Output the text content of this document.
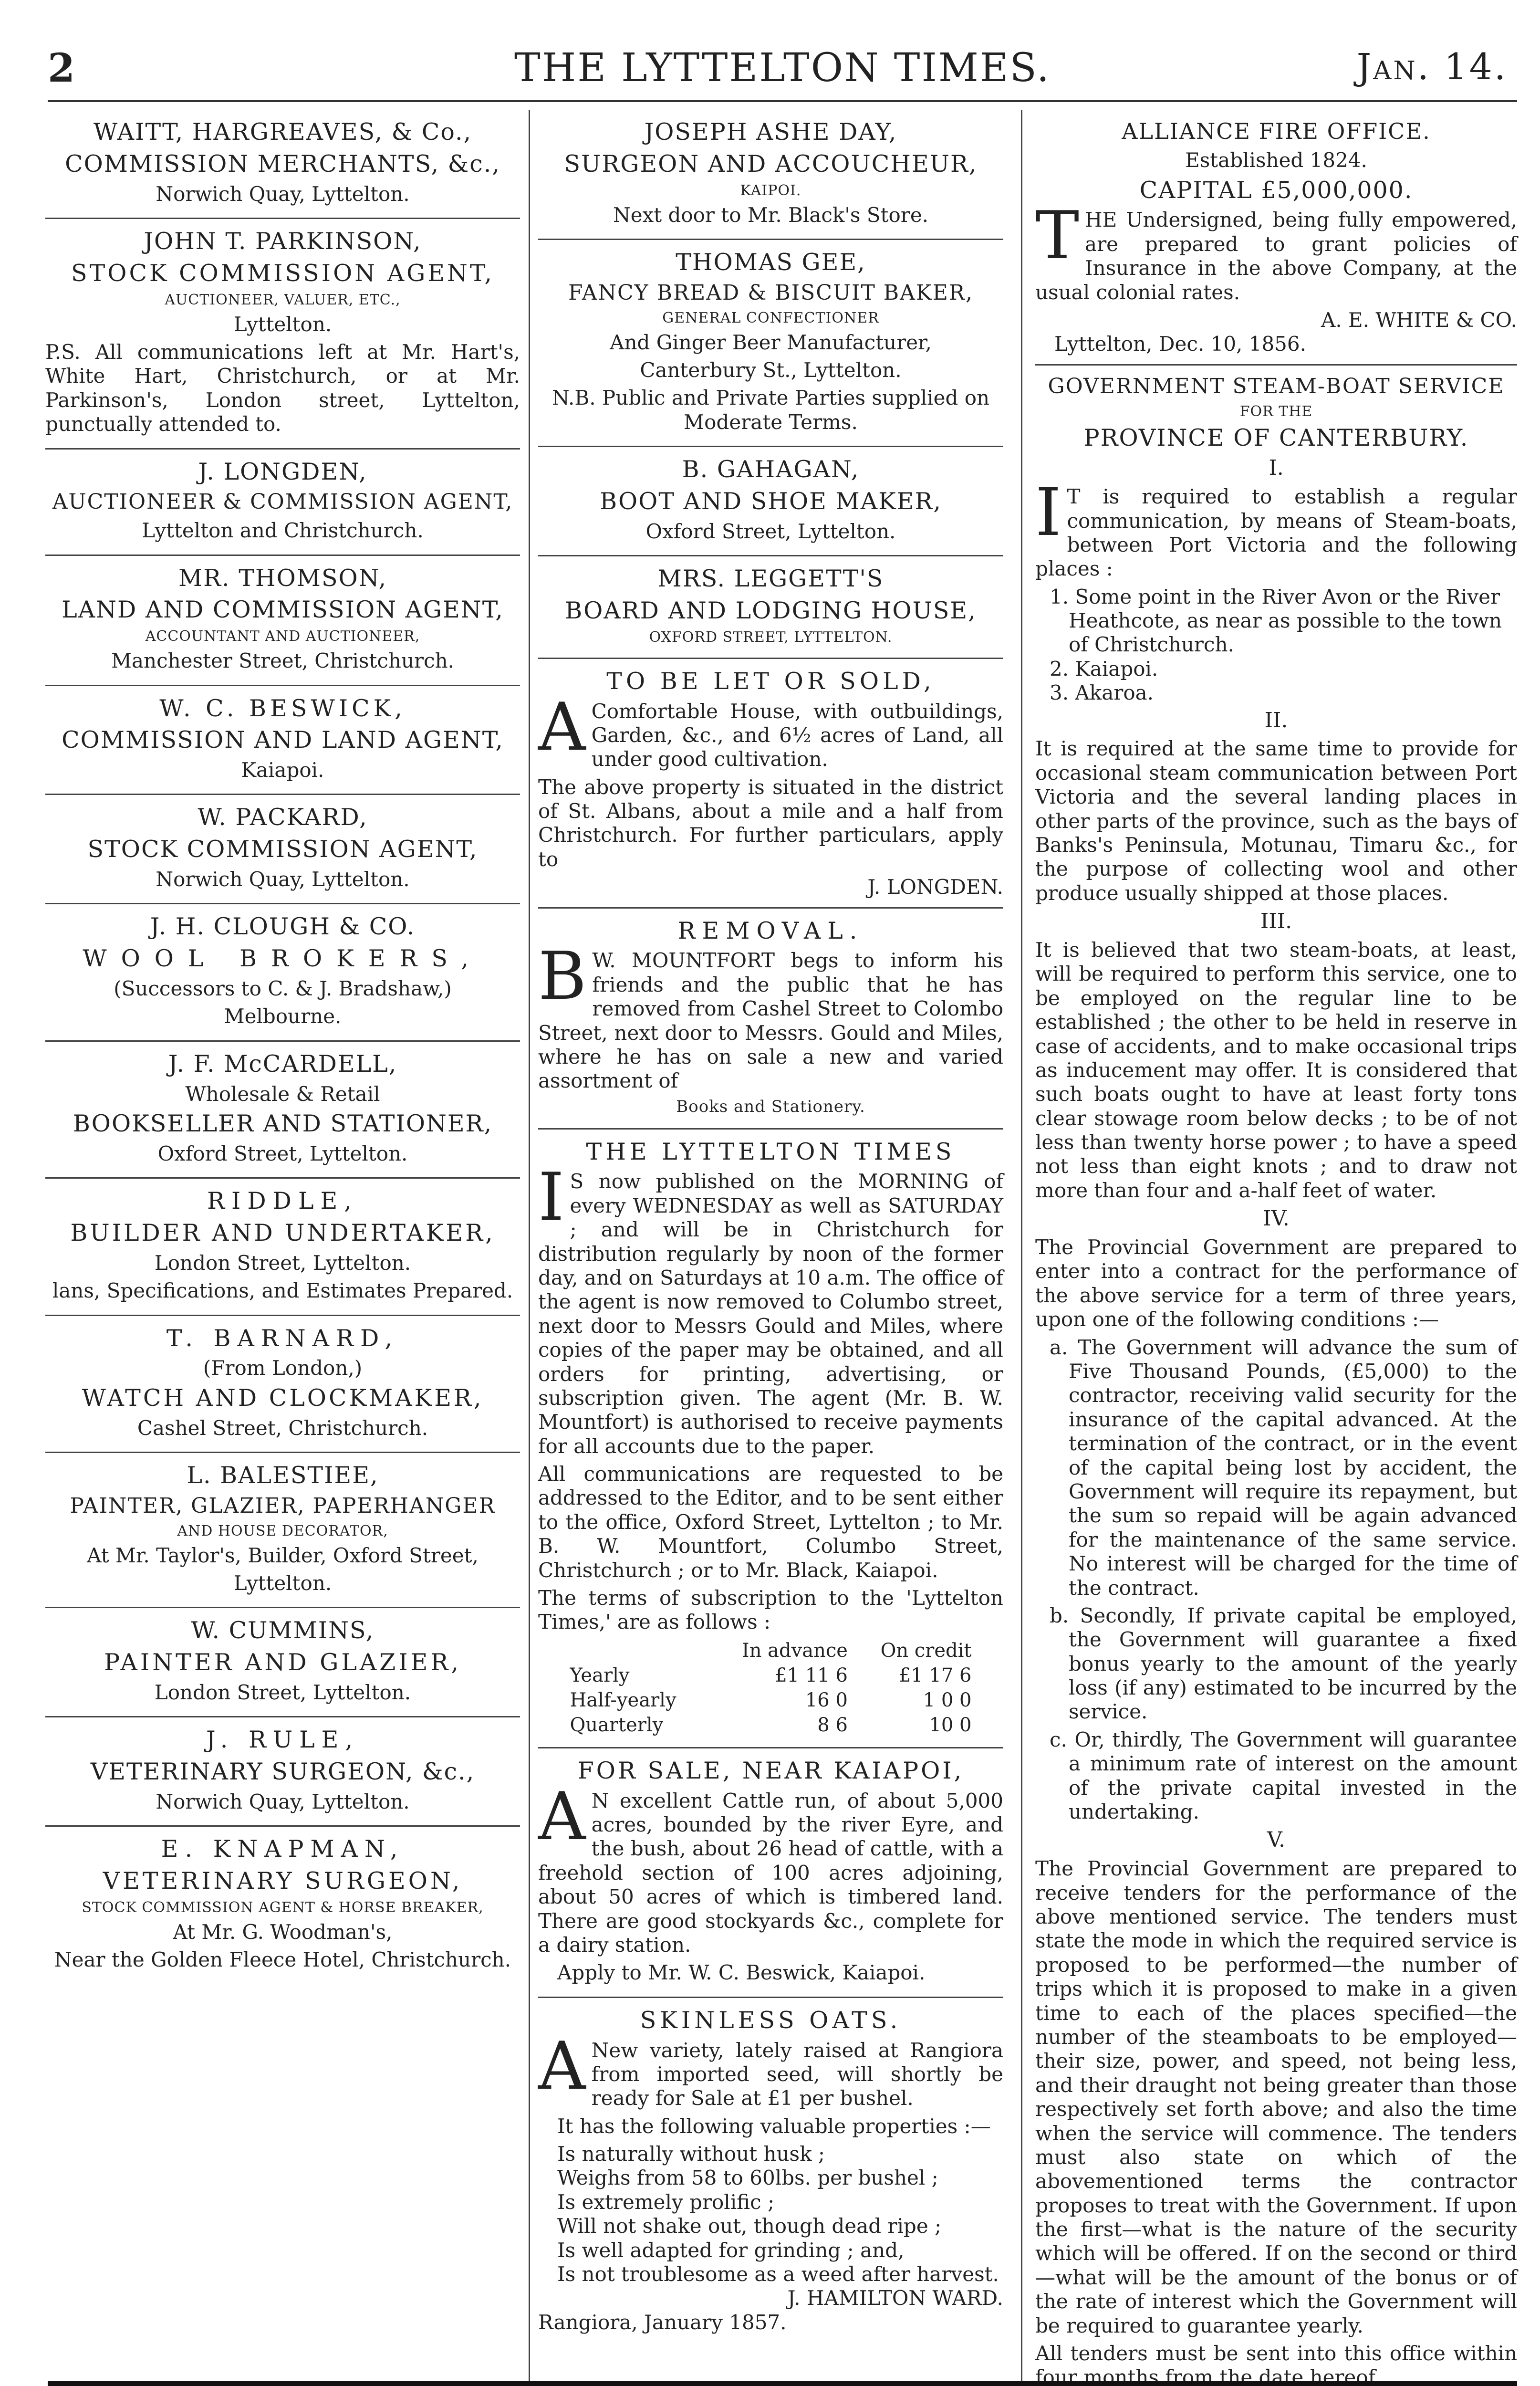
2	THE LYTTELTON TIMES.	Jan. 14.
WAITT, HARGREAVES, & Co.,
COMMISSION MERCHANTS, &c.,
Norwich Quay, Lyttelton.
JOHN T. PARKINSON,
STOCK COMMISSION AGENT,
AUCTIONEER, VALUER, ETC.,
Lyttelton.
P.S. All communications left at Mr. Hart's, White Hart, Christchurch, or at Mr. Parkinson's, London street, Lyttelton, punctually attended to.
J. LONGDEN,
AUCTIONEER & COMMISSION AGENT,
Lyttelton and Christchurch.
MR. THOMSON,
LAND AND COMMISSION AGENT,
ACCOUNTANT AND AUCTIONEER,
Manchester Street, Christchurch.
W. C. BESWICK,
COMMISSION AND LAND AGENT,
Kaiapoi.
W. PACKARD,
STOCK COMMISSION AGENT,
Norwich Quay, Lyttelton.
J. H. CLOUGH & CO.
WOOL BROKERS,
(Successors to C. & J. Bradshaw,)
Melbourne.
J. F. McCARDELL,
Wholesale & Retail
BOOKSELLER AND STATIONER,
Oxford Street, Lyttelton.
RIDDLE,
BUILDER AND UNDERTAKER,
London Street, Lyttelton.
lans, Specifications, and Estimates Prepared.
T. BARNARD,
(From London,)
WATCH AND CLOCKMAKER,
Cashel Street, Christchurch.
L. BALESTIEE,
PAINTER, GLAZIER, PAPERHANGER
AND HOUSE DECORATOR,
At Mr. Taylor's, Builder, Oxford Street,
Lyttelton.
W. CUMMINS,
PAINTER AND GLAZIER,
London Street, Lyttelton.
J. RULE,
VETERINARY SURGEON, &c.,
Norwich Quay, Lyttelton.
E. KNAPMAN,
VETERINARY SURGEON,
STOCK COMMISSION AGENT & HORSE BREAKER,
At Mr. G. Woodman's,
Near the Golden Fleece Hotel, Christchurch.
JOSEPH ASHE DAY,
SURGEON AND ACCOUCHEUR,
KAIPOI.
Next door to Mr. Black's Store.
THOMAS GEE,
FANCY BREAD & BISCUIT BAKER,
GENERAL CONFECTIONER
And Ginger Beer Manufacturer,
Canterbury St., Lyttelton.
N.B. Public and Private Parties supplied on Moderate Terms.
B. GAHAGAN,
BOOT AND SHOE MAKER,
Oxford Street, Lyttelton.
MRS. LEGGETT'S
BOARD AND LODGING HOUSE,
OXFORD STREET, LYTTELTON.
TO BE LET OR SOLD,
A Comfortable House, with outbuildings, Garden, &c., and 6½ acres of Land, all under good cultivation.
The above property is situated in the district of St. Albans, about a mile and a half from Christchurch. For further particulars, apply to
J. LONGDEN.
REMOVAL.
B W. MOUNTFORT begs to inform his friends and the public that he has removed from Cashel Street to Colombo Street, next door to Messrs. Gould and Miles, where he has on sale a new and varied assortment of
Books and Stationery.
THE LYTTELTON TIMES
I S now published on the MORNING of every WEDNESDAY as well as SATURDAY ; and will be in Christchurch for distribution regularly by noon of the former day, and on Saturdays at 10 a.m. The office of the agent is now removed to Columbo street, next door to Messrs Gould and Miles, where copies of the paper may be obtained, and all orders for printing, advertising, or subscription given. The agent (Mr. B. W. Mountfort) is authorised to receive payments for all accounts due to the paper.
All communications are requested to be addressed to the Editor, and to be sent either to the office, Oxford Street, Lyttelton ; to Mr. B. W. Mountfort, Columbo Street, Christchurch ; or to Mr. Black, Kaiapoi.
The terms of subscription to the 'Lyttelton Times,' are as follows :
	In advance	On credit
Yearly	£1 11 6	£1 17 6
Half-yearly	16 0	1 0 0
Quarterly	8 6	10 0
FOR SALE, NEAR KAIAPOI,
A N excellent Cattle run, of about 5,000 acres, bounded by the river Eyre, and the bush, about 26 head of cattle, with a freehold section of 100 acres adjoining, about 50 acres of which is timbered land. There are good stockyards &c., complete for a dairy station.
Apply to Mr. W. C. Beswick, Kaiapoi.
SKINLESS OATS.
A New variety, lately raised at Rangiora from imported seed, will shortly be ready for Sale at £1 per bushel.
It has the following valuable properties :—
Is naturally without husk ;
Weighs from 58 to 60lbs. per bushel ;
Is extremely prolific ;
Will not shake out, though dead ripe ;
Is well adapted for grinding ; and,
Is not troublesome as a weed after harvest.
J. HAMILTON WARD.
Rangiora, January 1857.
ALLIANCE FIRE OFFICE.
Established 1824.
CAPITAL £5,000,000.
THE Undersigned, being fully empowered, are prepared to grant policies of Insurance in the above Company, at the usual colonial rates.
A. E. WHITE & CO.
Lyttelton, Dec. 10, 1856.
GOVERNMENT STEAM-BOAT SERVICE
FOR THE
PROVINCE OF CANTERBURY.
I.
I T is required to establish a regular communication, by means of Steam-boats, between Port Victoria and the following places :
1. Some point in the River Avon or the River Heathcote, as near as possible to the town of Christchurch.
2. Kaiapoi.
3. Akaroa.
II.
It is required at the same time to provide for occasional steam communication between Port Victoria and the several landing places in other parts of the province, such as the bays of Banks's Peninsula, Motunau, Timaru &c., for the purpose of collecting wool and other produce usually shipped at those places.
III.
It is believed that two steam-boats, at least, will be required to perform this service, one to be employed on the regular line to be established ; the other to be held in reserve in case of accidents, and to make occasional trips as inducement may offer. It is considered that such boats ought to have at least forty tons clear stowage room below decks ; to be of not less than twenty horse power ; to have a speed not less than eight knots ; and to draw not more than four and a-half feet of water.
IV.
The Provincial Government are prepared to enter into a contract for the performance of the above service for a term of three years, upon one of the following conditions :—
a. The Government will advance the sum of Five Thousand Pounds, (£5,000) to the contractor, receiving valid security for the insurance of the capital advanced. At the termination of the contract, or in the event of the capital being lost by accident, the Government will require its repayment, but the sum so repaid will be again advanced for the maintenance of the same service. No interest will be charged for the time of the contract.
b. Secondly, If private capital be employed, the Government will guarantee a fixed bonus yearly to the amount of the yearly loss (if any) estimated to be incurred by the service.
c. Or, thirdly, The Government will guarantee a minimum rate of interest on the amount of the private capital invested in the undertaking.
V.
The Provincial Government are prepared to receive tenders for the performance of the above mentioned service. The tenders must state the mode in which the required service is proposed to be performed—the number of trips which it is proposed to make in a given time to each of the places specified—the number of the steamboats to be employed—their size, power, and speed, not being less, and their draught not being greater than those respectively set forth above; and also the time when the service will commence. The tenders must also state on which of the abovementioned terms the contractor proposes to treat with the Government. If upon the first—what is the nature of the security which will be offered. If on the second or third—what will be the amount of the bonus or of the rate of interest which the Government will be required to guarantee yearly.
All tenders must be sent into this office within four months from the date hereof.
